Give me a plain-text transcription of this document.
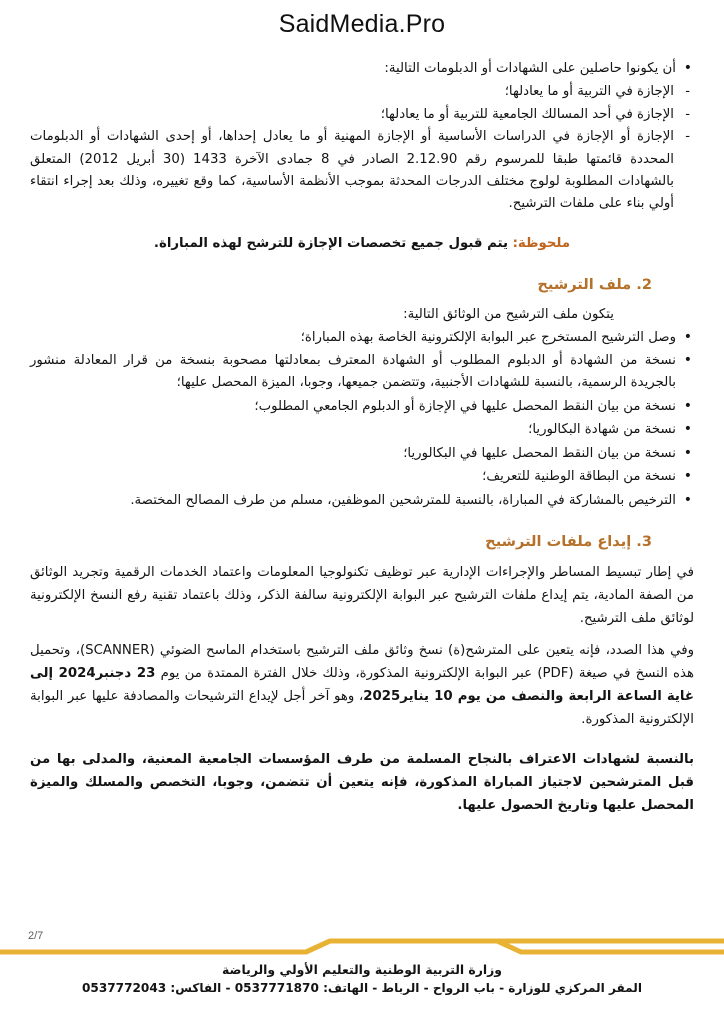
SaidMedia.Pro
• أن يكونوا حاصلين على الشهادات أو الدبلومات التالية:
- الإجازة في التربية أو ما يعادلها؛
- الإجازة في أحد المسالك الجامعية للتربية أو ما يعادلها؛
- الإجازة أو الإجازة في الدراسات الأساسية أو الإجازة المهنية أو ما يعادل إحداها، أو إحدى الشهادات أو الدبلومات المحددة قائمتها طبقا للمرسوم رقم 2.12.90 الصادر في 8 جمادى الآخرة 1433 (30 أبريل 2012) المتعلق بالشهادات المطلوبة لولوج مختلف الدرجات المحدثة بموجب الأنظمة الأساسية، كما وقع تغييره، وذلك بعد إجراء انتقاء أولي بناء على ملفات الترشيح.
ملحوظة: يتم قبول جميع تخصصات الإجازة للترشح لهذه المباراة.
2. ملف الترشيح

يتكون ملف الترشيح من الوثائق التالية:

• وصل الترشيح المستخرج عبر البوابة الإلكترونية الخاصة بهذه المباراة؛
• نسخة من الشهادة أو الدبلوم المطلوب أو الشهادة المعترف بمعادلتها مصحوبة بنسخة من قرار المعادلة منشور بالجريدة الرسمية، بالنسبة للشهادات الأجنبية، وتتضمن جميعها، وجوبا، الميزة المحصل عليها؛
• نسخة من بيان النقط المحصل عليها في الإجازة أو الدبلوم الجامعي المطلوب؛
• نسخة من شهادة البكالوريا؛
• نسخة من بيان النقط المحصل عليها في البكالوريا؛
• نسخة من البطاقة الوطنية للتعريف؛
• الترخيص بالمشاركة في المباراة، بالنسبة للمترشحين الموظفين، مسلم من طرف المصالح المختصة.
3. إيداع ملفات الترشيح

في إطار تبسيط المساطر والإجراءات الإدارية عبر توظيف تكنولوجيا المعلومات واعتماد الخدمات الرقمية وتجريد الوثائق من الصفة المادية، يتم إيداع ملفات الترشيح عبر البوابة الإلكترونية سالفة الذكر، وذلك باعتماد تقنية رفع النسخ الإلكترونية لوثائق ملف الترشيح.

وفي هذا الصدد، فإنه يتعين على المترشح(ة) نسخ وثائق ملف الترشيح باستخدام الماسح الضوئي (SCANNER)، وتحميل هذه النسخ في صيغة (PDF) عبر البوابة الإلكترونية المذكورة، وذلك خلال الفترة الممتدة من يوم 23 دجنبر2024 إلى غاية الساعة الرابعة والنصف من يوم 10 يناير2025، وهو آخر أجل لإيداع الترشيحات والمصادفة عليها عبر البوابة الإلكترونية المذكورة.

بالنسبة لشهادات الاعتراف بالنجاح المسلمة من طرف المؤسسات الجامعية المعنية، والمدلى بها من قبل المترشحين لاجتياز المباراة المذكورة، فإنه يتعين أن تتضمن، وجوبا، التخصص والمسلك والميزة المحصل عليها وتاريخ الحصول عليها.

2/7
وزارة التربية الوطنية والتعليم الأولي والرياضة
المقر المركزي للوزارة - باب الرواح - الرباط - الهاتف: 0537771870 - الفاكس: 0537772043
